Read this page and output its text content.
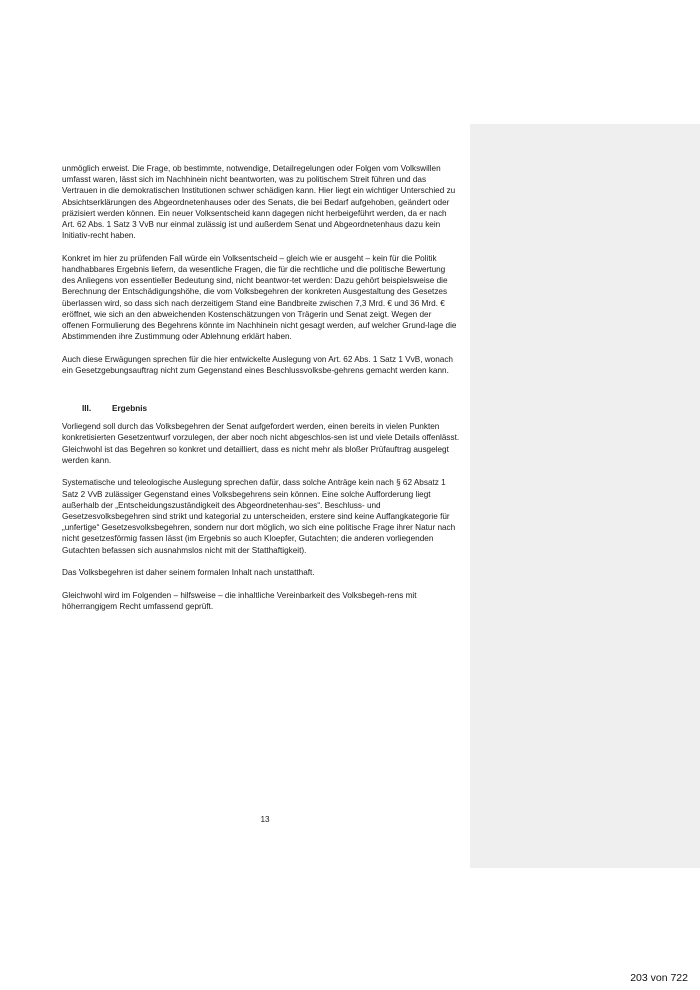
unmöglich erweist. Die Frage, ob bestimmte, notwendige, Detailregelungen oder Folgen vom Volkswillen umfasst waren, lässt sich im Nachhinein nicht beantworten, was zu politischem Streit führen und das Vertrauen in die demokratischen Institutionen schwer schädigen kann. Hier liegt ein wichtiger Unterschied zu Absichtserklärungen des Abgeordnetenhauses oder des Senats, die bei Bedarf aufgehoben, geändert oder präzisiert werden können. Ein neuer Volksentscheid kann dagegen nicht herbeigeführt werden, da er nach Art. 62 Abs. 1 Satz 3 VvB nur einmal zulässig ist und außerdem Senat und Abgeordnetenhaus dazu kein Initiativ-recht haben.

Konkret im hier zu prüfenden Fall würde ein Volksentscheid – gleich wie er ausgeht – kein für die Politik handhabbares Ergebnis liefern, da wesentliche Fragen, die für die rechtliche und die politische Bewertung des Anliegens von essentieller Bedeutung sind, nicht beantwor-tet werden: Dazu gehört beispielsweise die Berechnung der Entschädigungshöhe, die vom Volksbegehren der konkreten Ausgestaltung des Gesetzes überlassen wird, so dass sich nach derzeitigem Stand eine Bandbreite zwischen 7,3 Mrd. € und 36 Mrd. € eröffnet, wie sich an den abweichenden Kostenschätzungen von Trägerin und Senat zeigt. Wegen der offenen Formulierung des Begehrens könnte im Nachhinein nicht gesagt werden, auf welcher Grund-lage die Abstimmenden ihre Zustimmung oder Ablehnung erklärt haben.

Auch diese Erwägungen sprechen für die hier entwickelte Auslegung von Art. 62 Abs. 1 Satz 1 VvB, wonach ein Gesetzgebungsauftrag nicht zum Gegenstand eines Beschlussvolksbe-gehrens gemacht werden kann.

III.	Ergebnis

Vorliegend soll durch das Volksbegehren der Senat aufgefordert werden, einen bereits in vielen Punkten konkretisierten Gesetzentwurf vorzulegen, der aber noch nicht abgeschlos-sen ist und viele Details offenlässt. Gleichwohl ist das Begehren so konkret und detailliert, dass es nicht mehr als bloßer Prüfauftrag ausgelegt werden kann.

Systematische und teleologische Auslegung sprechen dafür, dass solche Anträge kein nach § 62 Absatz 1 Satz 2 VvB zulässiger Gegenstand eines Volksbegehrens sein können. Eine solche Aufforderung liegt außerhalb der „Entscheidungszuständigkeit des Abgeordnetenhau-ses“. Beschluss- und Gesetzesvolksbegehren sind strikt und kategorial zu unterscheiden, erstere sind keine Auffangkategorie für „unfertige“ Gesetzesvolksbegehren, sondern nur dort möglich, wo sich eine politische Frage ihrer Natur nach nicht gesetzesförmig fassen lässt (im Ergebnis so auch Kloepfer, Gutachten; die anderen vorliegenden Gutachten befassen sich ausnahmslos nicht mit der Statthaftigkeit).

Das Volksbegehren ist daher seinem formalen Inhalt nach unstatthaft.

Gleichwohl wird im Folgenden – hilfsweise – die inhaltliche Vereinbarkeit des Volksbegeh-rens mit höherrangigem Recht umfassend geprüft.

13
203 von 722
